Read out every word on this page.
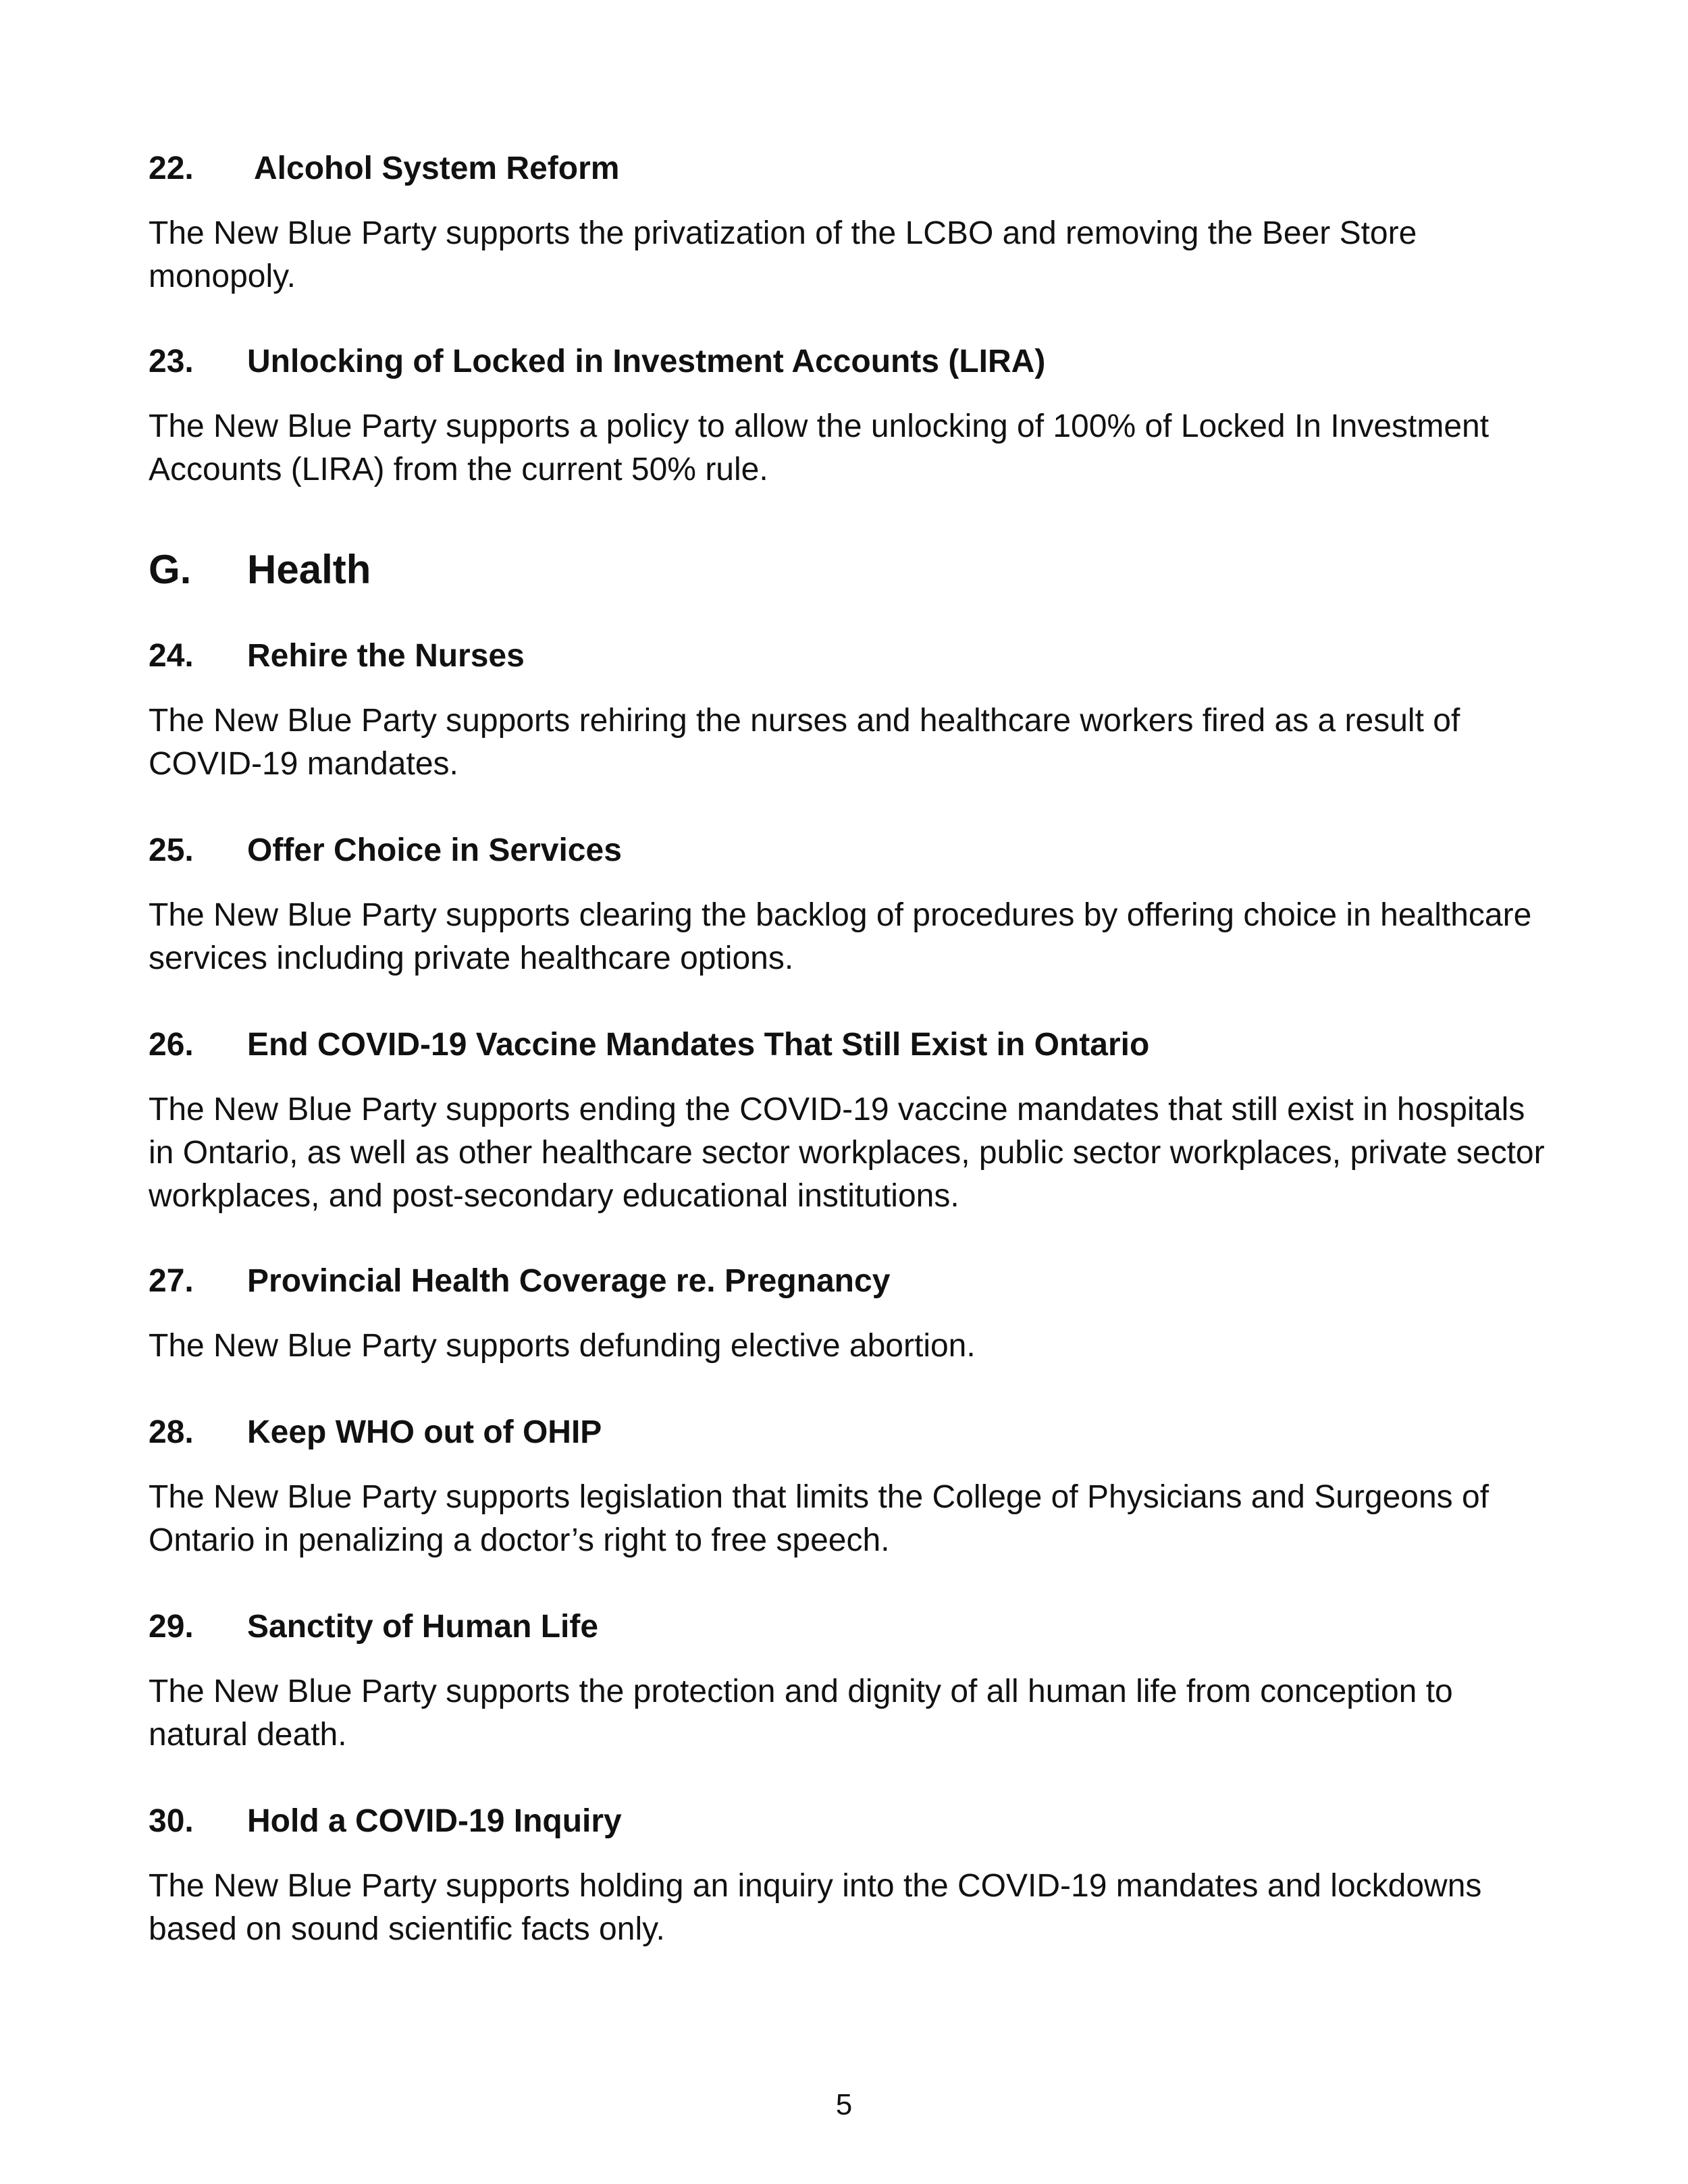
22.	Alcohol System Reform
The New Blue Party supports the privatization of the LCBO and removing the Beer Store monopoly.
23.	Unlocking of Locked in Investment Accounts (LIRA)
The New Blue Party supports a policy to allow the unlocking of 100% of Locked In Investment Accounts (LIRA) from the current 50% rule.
G.	Health
24.	Rehire the Nurses
The New Blue Party supports rehiring the nurses and healthcare workers fired as a result of COVID-19 mandates.
25.	Offer Choice in Services
The New Blue Party supports clearing the backlog of procedures by offering choice in healthcare services including private healthcare options.
26.	End COVID-19 Vaccine Mandates That Still Exist in Ontario
The New Blue Party supports ending the COVID-19 vaccine mandates that still exist in hospitals in Ontario, as well as other healthcare sector workplaces, public sector workplaces, private sector workplaces, and post-secondary educational institutions.
27.	Provincial Health Coverage re. Pregnancy
The New Blue Party supports defunding elective abortion.
28.	Keep WHO out of OHIP
The New Blue Party supports legislation that limits the College of Physicians and Surgeons of Ontario in penalizing a doctor’s right to free speech.
29.	Sanctity of Human Life
The New Blue Party supports the protection and dignity of all human life from conception to natural death.
30.	Hold a COVID-19 Inquiry
The New Blue Party supports holding an inquiry into the COVID-19 mandates and lockdowns based on sound scientific facts only.
5
